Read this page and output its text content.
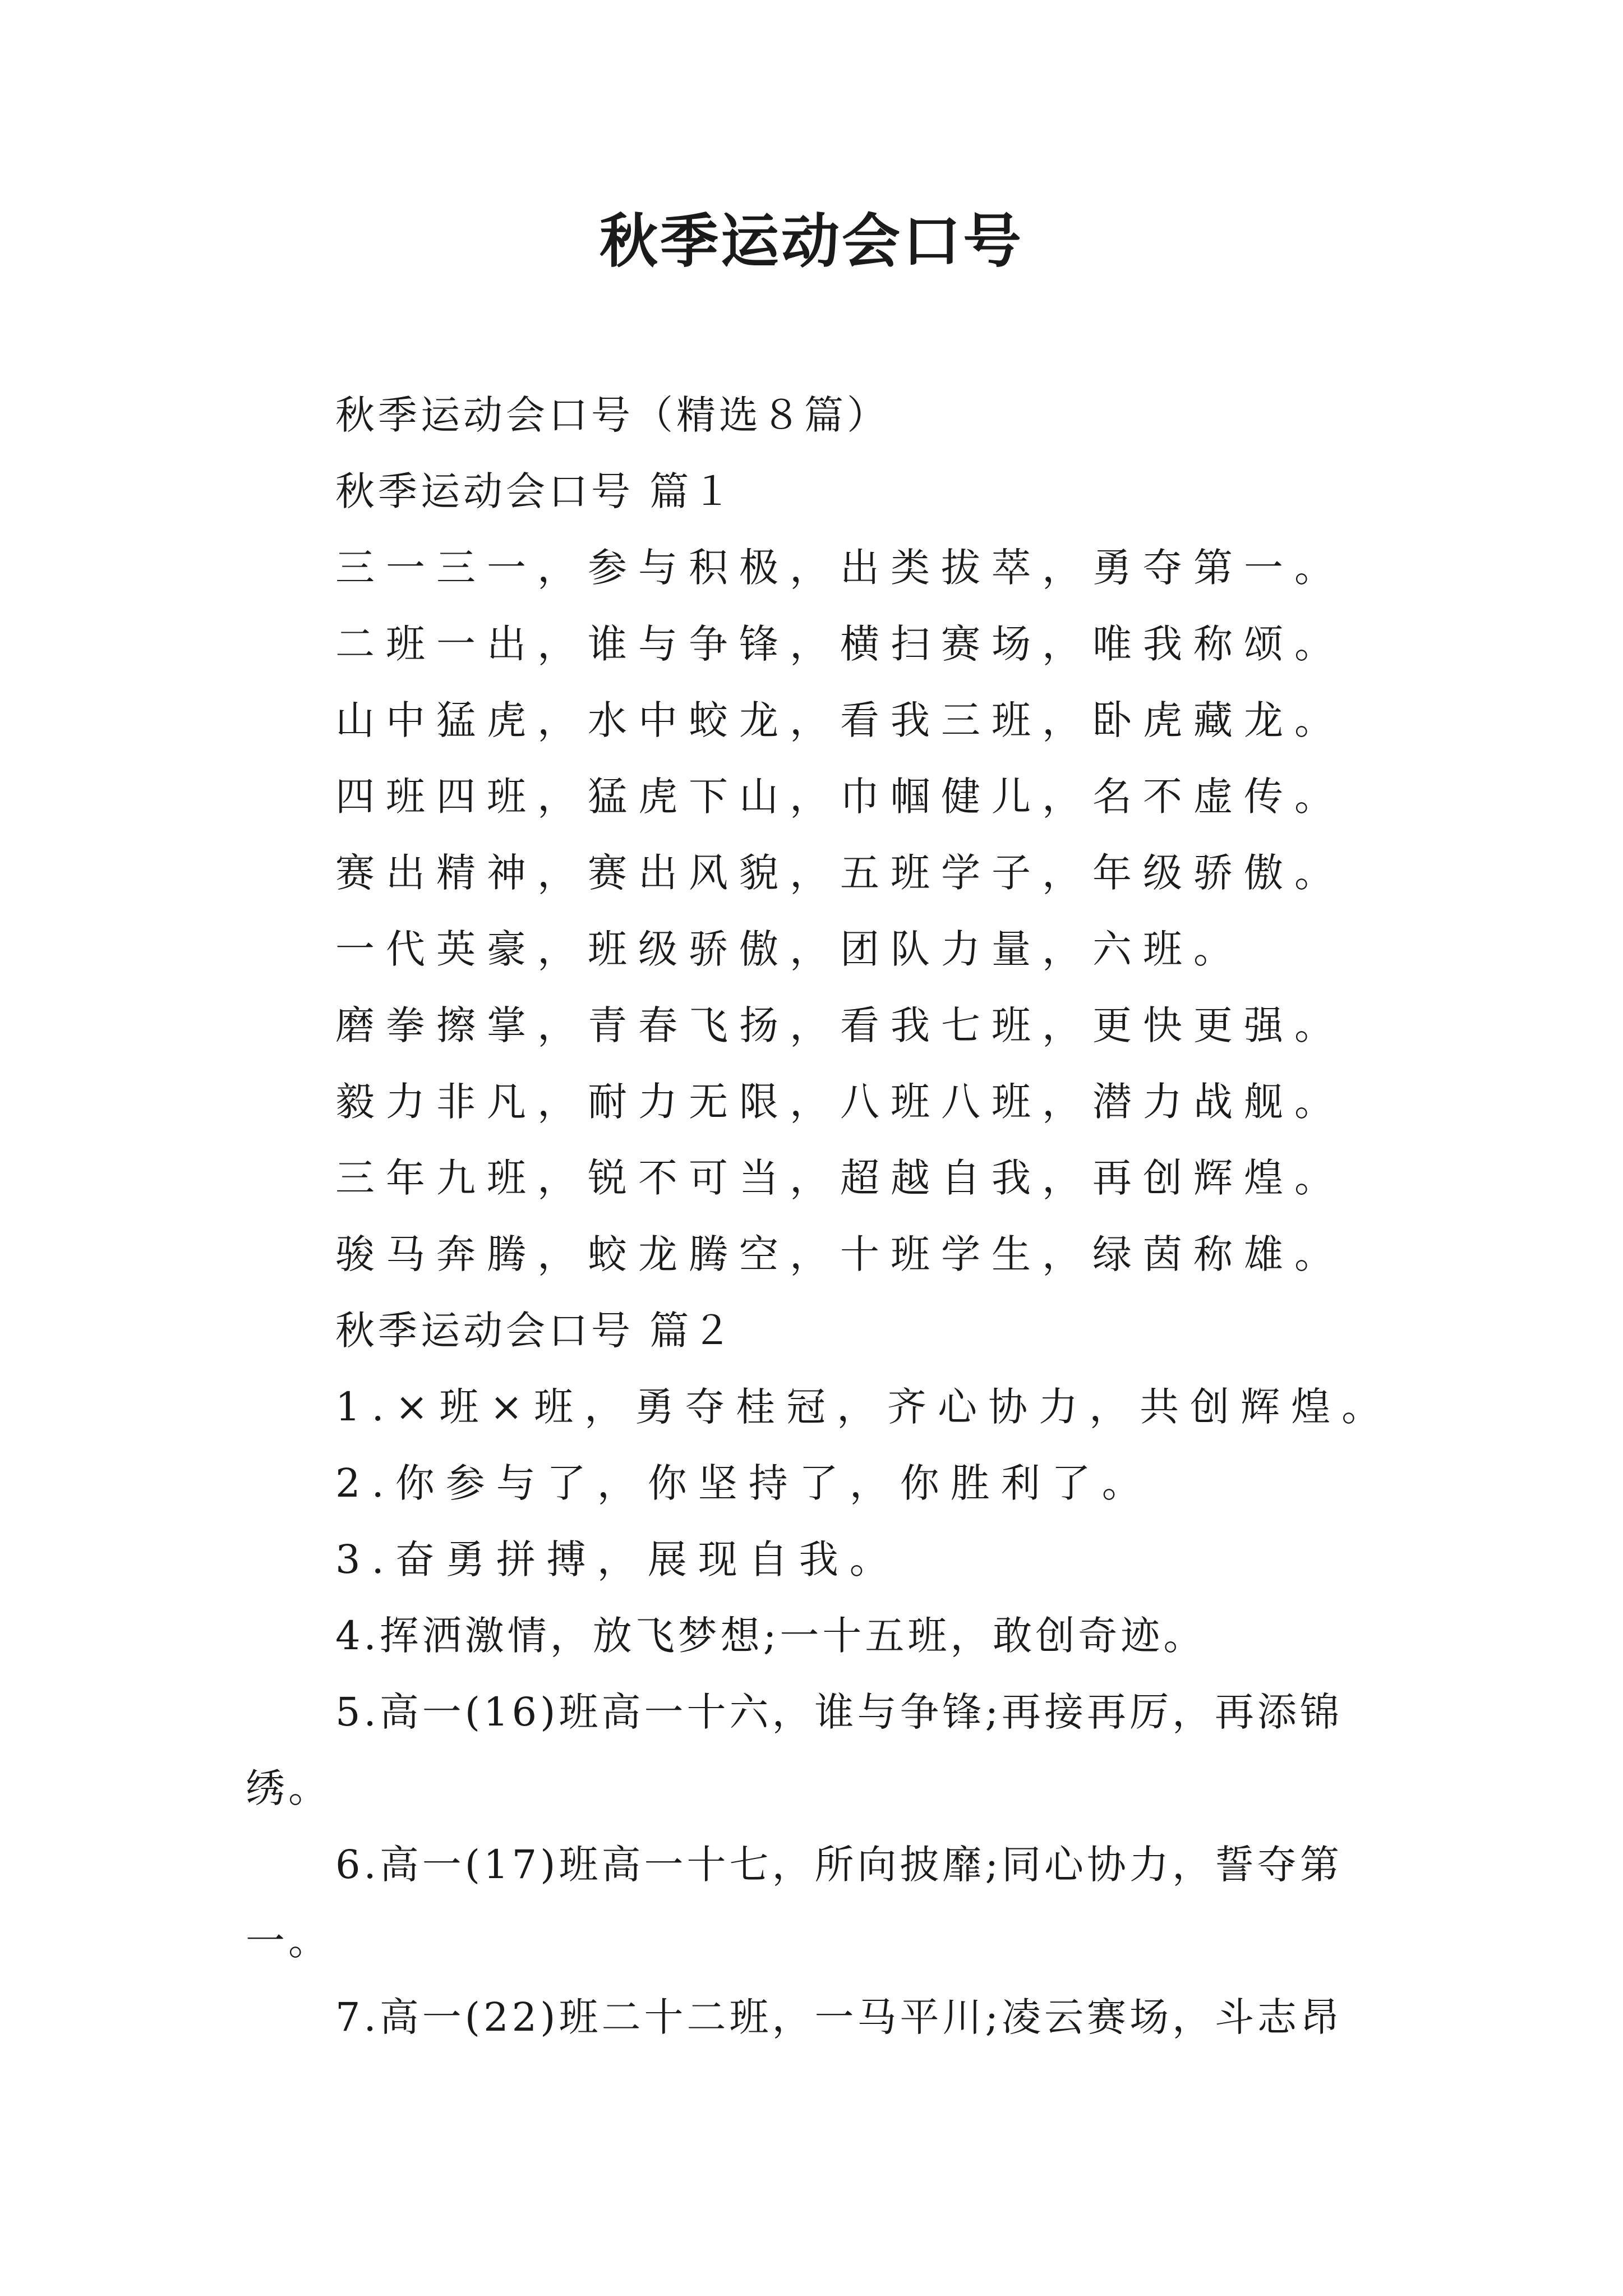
秋季运动会口号

秋季运动会口号（精选８篇）

秋季运动会口号 篇１

三一三一，参与积极，出类拔萃，勇夺第一。

二班一出，谁与争锋，横扫赛场，唯我称颂。

山中猛虎，水中蛟龙，看我三班，卧虎藏龙。

四班四班，猛虎下山，巾帼健儿，名不虚传。

赛出精神，赛出风貌，五班学子，年级骄傲。

一代英豪，班级骄傲，团队力量，六班。

磨拳擦掌，青春飞扬，看我七班，更快更强。

毅力非凡，耐力无限，八班八班，潜力战舰。

三年九班，锐不可当，超越自我，再创辉煌。

骏马奔腾，蛟龙腾空，十班学生，绿茵称雄。

秋季运动会口号 篇２

1.×班×班，勇夺桂冠，齐心协力，共创辉煌。

2.你参与了，你坚持了，你胜利了。

3.奋勇拼搏，展现自我。

4.挥洒激情，放飞梦想;一十五班，敢创奇迹。

5.高一(16)班高一十六，谁与争锋;再接再厉，再添锦

绣。

6.高一(17)班高一十七，所向披靡;同心协力，誓夺第

一。

7.高一(22)班二十二班，一马平川;凌云赛场，斗志昂
